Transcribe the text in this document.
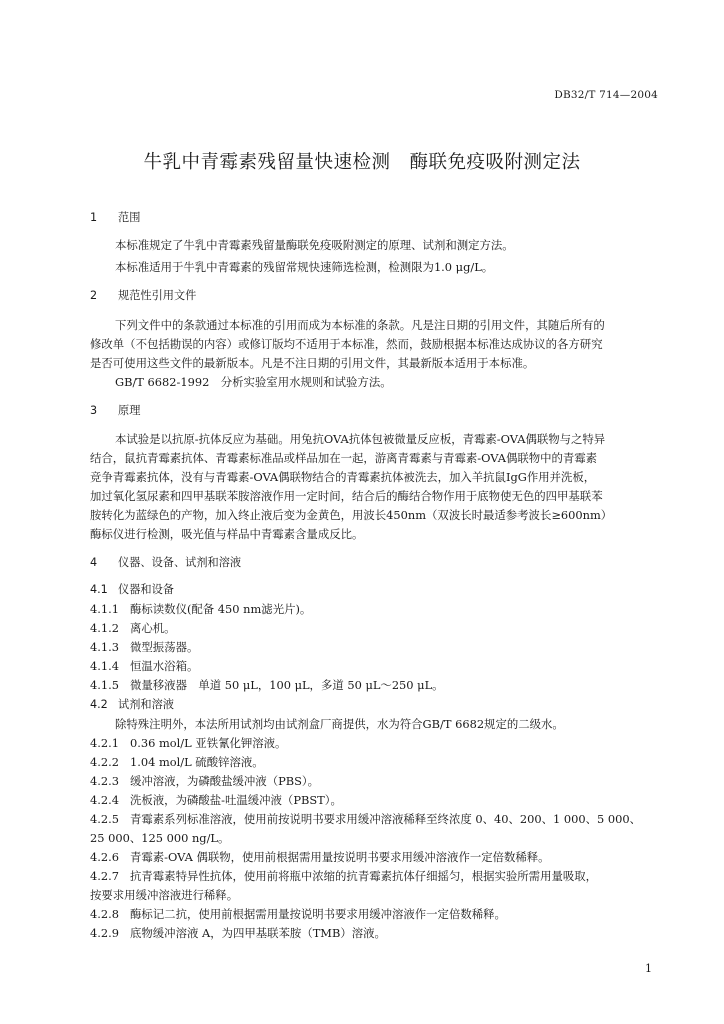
DB32/T 714—2004
牛乳中青霉素残留量快速检测　酶联免疫吸附测定法
1 范围
本标准规定了牛乳中青霉素残留量酶联免疫吸附测定的原理、试剂和测定方法。
本标准适用于牛乳中青霉素的残留常规快速筛选检测，检测限为1.0 μg/L。
2 规范性引用文件
下列文件中的条款通过本标准的引用而成为本标准的条款。凡是注日期的引用文件，其随后所有的
修改单（不包括勘误的内容）或修订版均不适用于本标准，然而，鼓励根据本标准达成协议的各方研究
是否可使用这些文件的最新版本。凡是不注日期的引用文件，其最新版本适用于本标准。
GB/T 6682-1992　分析实验室用水规则和试验方法。
3 原理
本试验是以抗原-抗体反应为基础。用兔抗OVA抗体包被微量反应板，青霉素-OVA偶联物与之特异
结合，鼠抗青霉素抗体、青霉素标准品或样品加在一起，游离青霉素与青霉素-OVA偶联物中的青霉素
竞争青霉素抗体，没有与青霉素-OVA偶联物结合的青霉素抗体被洗去，加入羊抗鼠IgG作用并洗板，
加过氧化氢尿素和四甲基联苯胺溶液作用一定时间，结合后的酶结合物作用于底物使无色的四甲基联苯
胺转化为蓝绿色的产物，加入终止液后变为金黄色，用波长450nm（双波长时最适参考波长≥600nm）
酶标仪进行检测，吸光值与样品中青霉素含量成反比。
4 仪器、设备、试剂和溶液
4.1 仪器和设备
4.1.1 酶标读数仪(配备 450 nm滤光片)。
4.1.2 离心机。
4.1.3 微型振荡器。
4.1.4 恒温水浴箱。
4.1.5 微量移液器　单道 50 μL，100 μL，多道 50 μL～250 μL。
4.2 试剂和溶液
除特殊注明外，本法所用试剂均由试剂盒厂商提供，水为符合GB/T 6682规定的二级水。
4.2.1 0.36 mol/L 亚铁氰化钾溶液。
4.2.2 1.04 mol/L 硫酸锌溶液。
4.2.3 缓冲溶液，为磷酸盐缓冲液（PBS）。
4.2.4 洗板液，为磷酸盐-吐温缓冲液（PBST）。
4.2.5 青霉素系列标准溶液，使用前按说明书要求用缓冲溶液稀释至终浓度 0、40、200、1 000、5 000、
25 000、125 000 ng/L。
4.2.6 青霉素-OVA 偶联物，使用前根据需用量按说明书要求用缓冲溶液作一定倍数稀释。
4.2.7 抗青霉素特异性抗体，使用前将瓶中浓缩的抗青霉素抗体仔细摇匀，根据实验所需用量吸取，
按要求用缓冲溶液进行稀释。
4.2.8 酶标记二抗，使用前根据需用量按说明书要求用缓冲溶液作一定倍数稀释。
4.2.9 底物缓冲溶液 A，为四甲基联苯胺（TMB）溶液。
1
